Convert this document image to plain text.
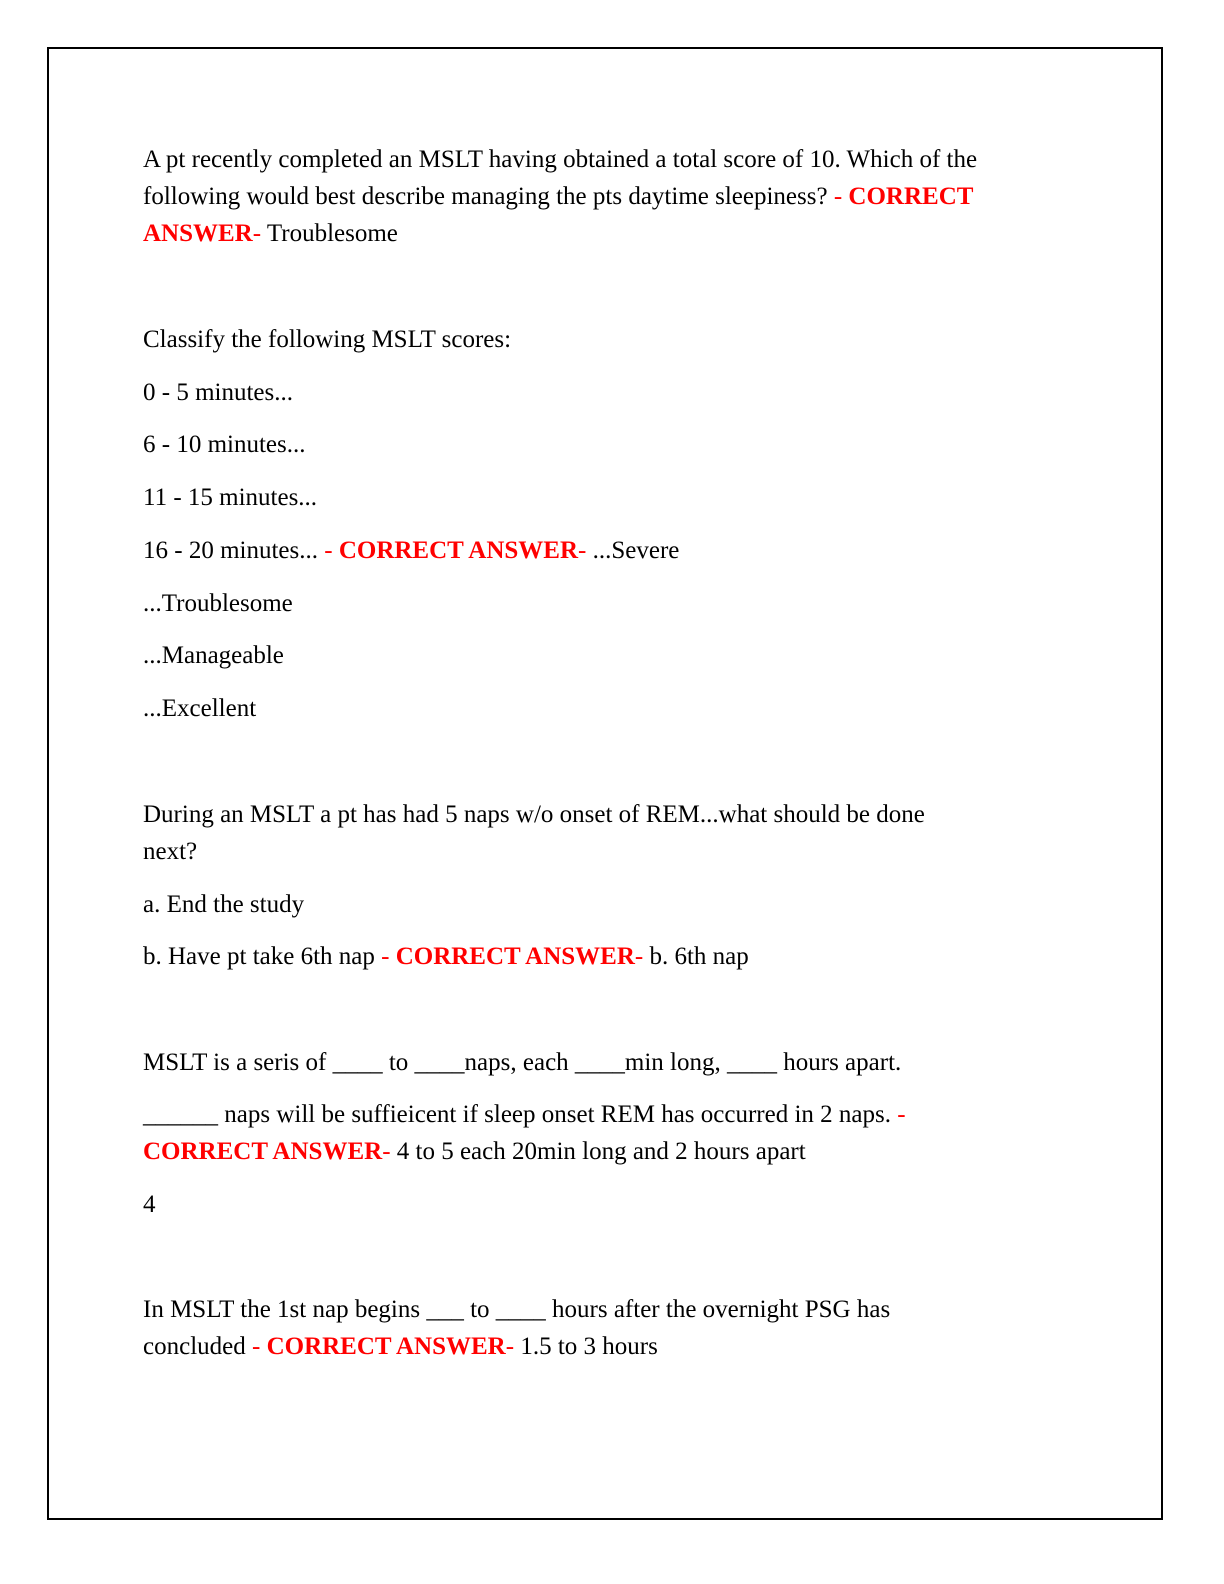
A pt recently completed an MSLT having obtained a total score of 10. Which of the
following would best describe managing the pts daytime sleepiness? - CORRECT
ANSWER- Troublesome
Classify the following MSLT scores:
0 - 5 minutes...
6 - 10 minutes...
11 - 15 minutes...
16 - 20 minutes... - CORRECT ANSWER- ...Severe
...Troublesome
...Manageable
...Excellent
During an MSLT a pt has had 5 naps w/o onset of REM...what should be done
next?
a. End the study
b. Have pt take 6th nap - CORRECT ANSWER- b. 6th nap
MSLT is a seris of ____ to ____naps, each ____min long, ____ hours apart.
______ naps will be suffieicent if sleep onset REM has occurred in 2 naps. -
CORRECT ANSWER- 4 to 5 each 20min long and 2 hours apart
4
In MSLT the 1st nap begins ___ to ____ hours after the overnight PSG has
concluded - CORRECT ANSWER- 1.5 to 3 hours
